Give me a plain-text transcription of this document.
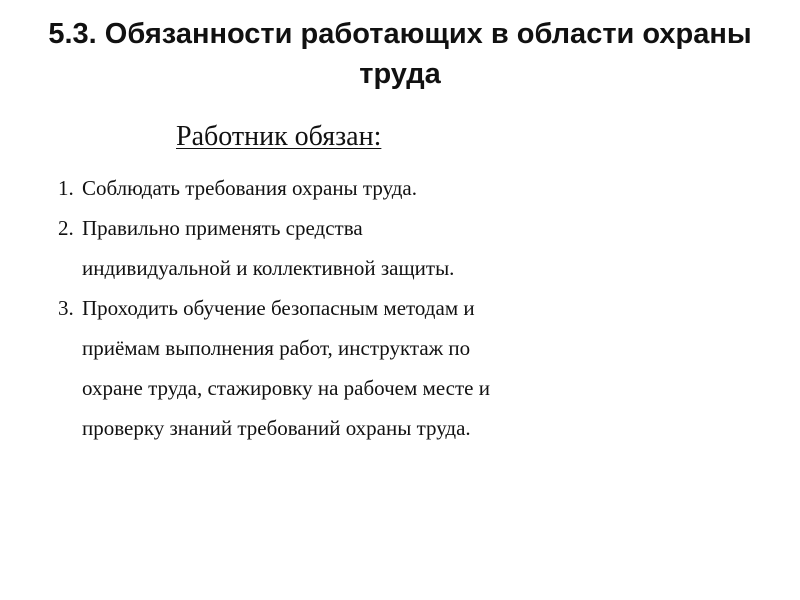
5.3. Обязанности работающих в области охраны
труда
Работник обязан:
1. Соблюдать требования охраны труда.
2. Правильно применять средства
индивидуальной и коллективной защиты.
3. Проходить обучение безопасным методам и
приёмам выполнения работ, инструктаж по
охране труда, стажировку на рабочем месте и
проверку знаний требований охраны труда.
